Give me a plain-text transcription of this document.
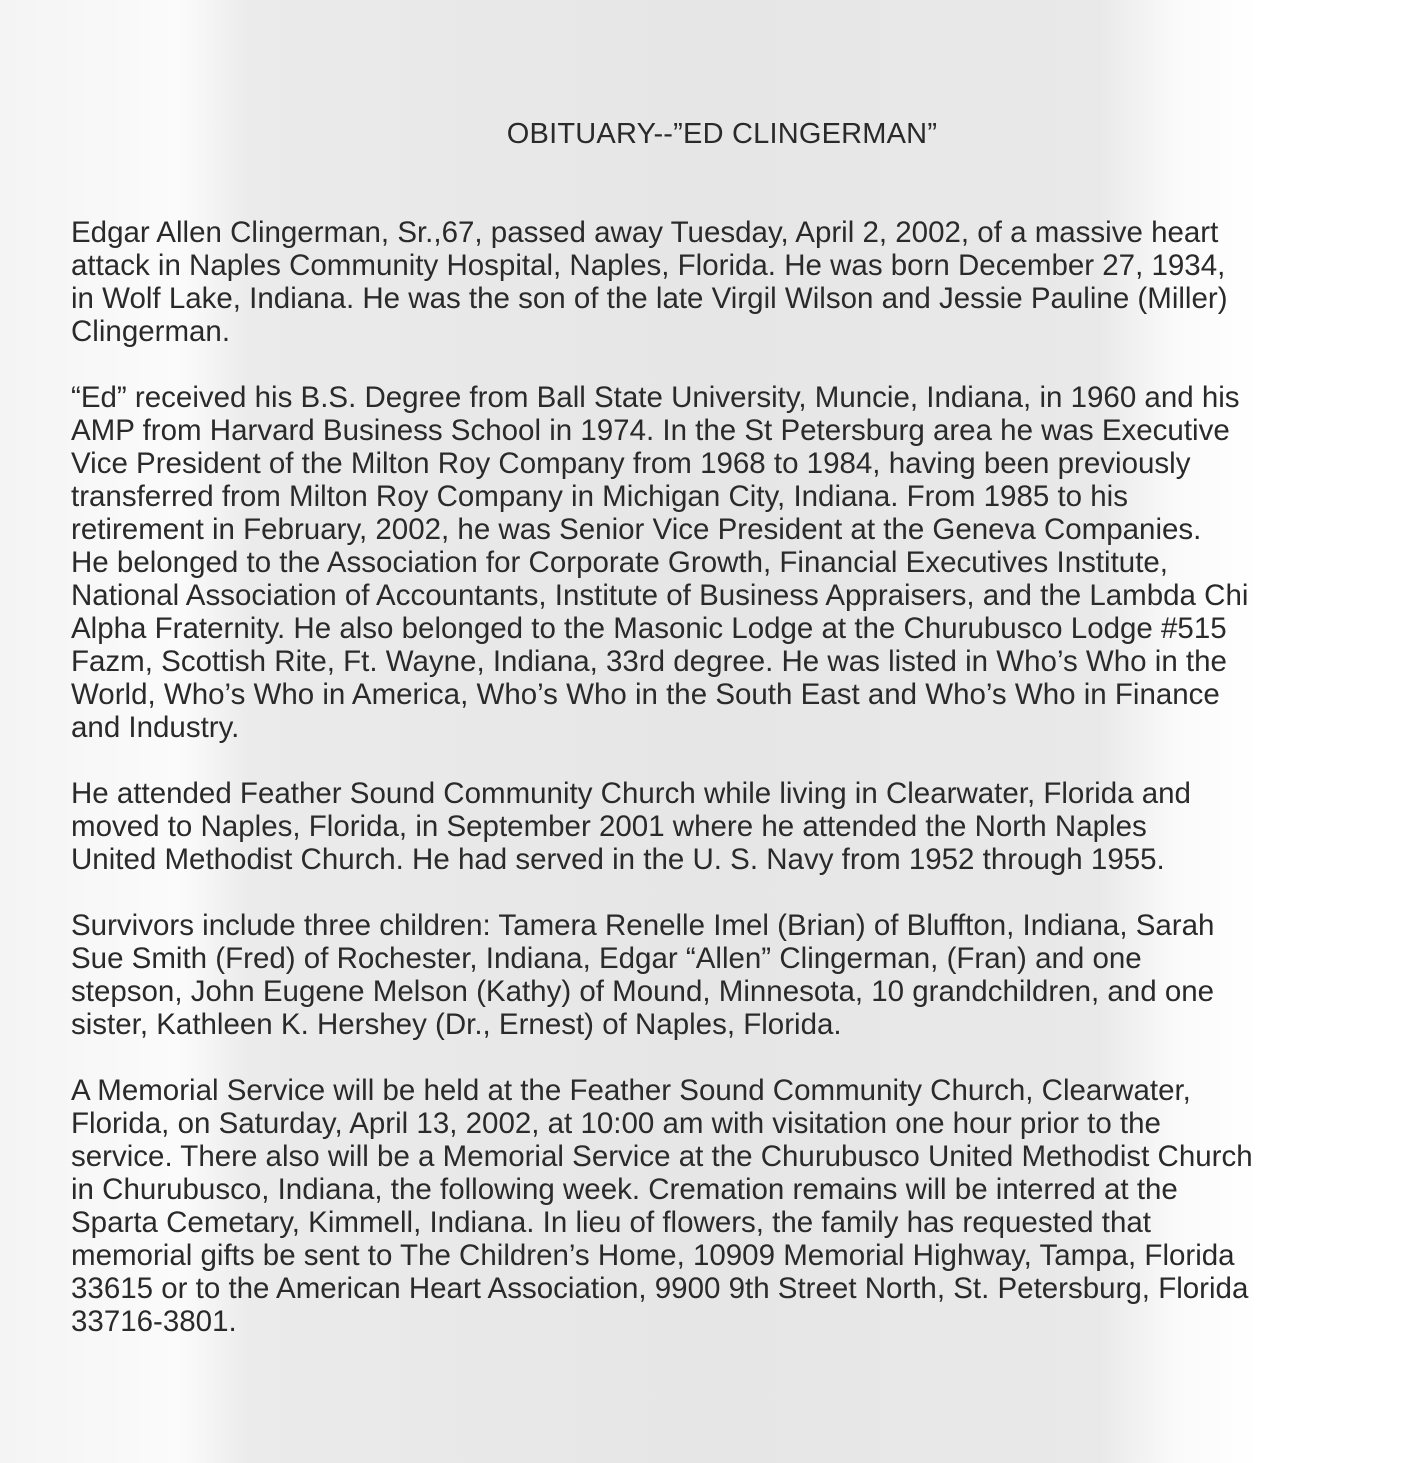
OBITUARY--”ED CLINGERMAN”

Edgar Allen Clingerman, Sr.,67, passed away Tuesday, April 2, 2002, of a massive heart
attack in Naples Community Hospital, Naples, Florida. He was born December 27, 1934,
in Wolf Lake, Indiana. He was the son of the late Virgil Wilson and Jessie Pauline (Miller)
Clingerman.

“Ed” received his B.S. Degree from Ball State University, Muncie, Indiana, in 1960 and his
AMP from Harvard Business School in 1974. In the St Petersburg area he was Executive
Vice President of the Milton Roy Company from 1968 to 1984, having been previously
transferred from Milton Roy Company in Michigan City, Indiana. From 1985 to his
retirement in February, 2002, he was Senior Vice President at the Geneva Companies.
He belonged to the Association for Corporate Growth, Financial Executives Institute,
National Association of Accountants, Institute of Business Appraisers, and the Lambda Chi
Alpha Fraternity. He also belonged to the Masonic Lodge at the Churubusco Lodge #515
Fazm, Scottish Rite, Ft. Wayne, Indiana, 33rd degree. He was listed in Who’s Who in the
World, Who’s Who in America, Who’s Who in the South East and Who’s Who in Finance
and Industry.

He attended Feather Sound Community Church while living in Clearwater, Florida and
moved to Naples, Florida, in September 2001 where he attended the North Naples
United Methodist Church. He had served in the U. S. Navy from 1952 through 1955.

Survivors include three children: Tamera Renelle Imel (Brian) of Bluffton, Indiana, Sarah
Sue Smith (Fred) of Rochester, Indiana, Edgar “Allen” Clingerman, (Fran) and one
stepson, John Eugene Melson (Kathy) of Mound, Minnesota, 10 grandchildren, and one
sister, Kathleen K. Hershey (Dr., Ernest) of Naples, Florida.

A Memorial Service will be held at the Feather Sound Community Church, Clearwater,
Florida, on Saturday, April 13, 2002, at 10:00 am with visitation one hour prior to the
service. There also will be a Memorial Service at the Churubusco United Methodist Church
in Churubusco, Indiana, the following week. Cremation remains will be interred at the
Sparta Cemetary, Kimmell, Indiana. In lieu of flowers, the family has requested that
memorial gifts be sent to The Children’s Home, 10909 Memorial Highway, Tampa, Florida
33615 or to the American Heart Association, 9900 9th Street North, St. Petersburg, Florida
33716-3801.
